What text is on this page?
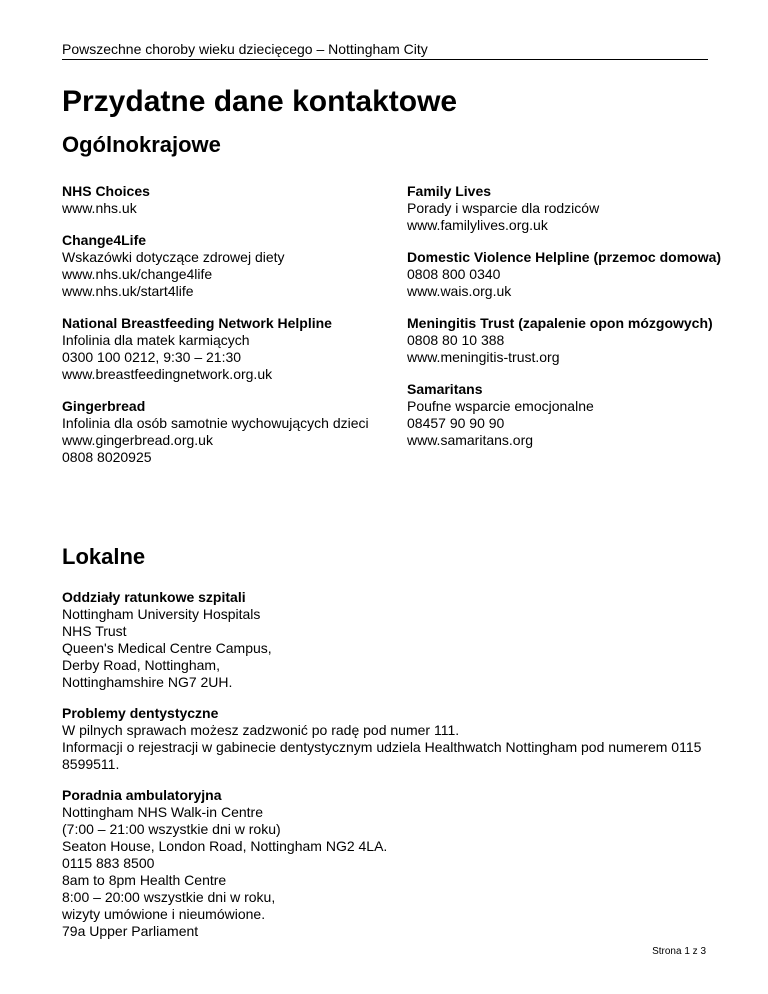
Powszechne choroby wieku dziecięcego – Nottingham City
Przydatne dane kontaktowe
Ogólnokrajowe
NHS Choices
www.nhs.uk
Change4Life
Wskazówki dotyczące zdrowej diety
www.nhs.uk/change4life
www.nhs.uk/start4life
National Breastfeeding Network Helpline
Infolinia dla matek karmiących
0300 100 0212, 9:30 – 21:30
www.breastfeedingnetwork.org.uk
Gingerbread
Infolinia dla osób samotnie wychowujących dzieci
www.gingerbread.org.uk
0808 8020925
Family Lives
Porady i wsparcie dla rodziców
www.familylives.org.uk
Domestic Violence Helpline (przemoc domowa)
0808 800 0340
www.wais.org.uk
Meningitis Trust (zapalenie opon mózgowych)
0808 80 10 388
www.meningitis-trust.org
Samaritans
Poufne wsparcie emocjonalne
08457 90 90 90
www.samaritans.org
Lokalne
Oddziały ratunkowe szpitali
Nottingham University Hospitals
NHS Trust
Queen's Medical Centre Campus,
Derby Road, Nottingham,
Nottinghamshire NG7 2UH.
Problemy dentystyczne
W pilnych sprawach możesz zadzwonić po radę pod numer 111.
Informacji o rejestracji w gabinecie dentystycznym udziela Healthwatch Nottingham pod numerem 0115 8599511.
Poradnia ambulatoryjna
Nottingham NHS Walk-in Centre
(7:00 – 21:00 wszystkie dni w roku)
Seaton House, London Road, Nottingham NG2 4LA.
0115 883 8500
8am to 8pm Health Centre
8:00 – 20:00 wszystkie dni w roku,
wizyty umówione i nieumówione.
79a Upper Parliament
Strona 1 z 3
